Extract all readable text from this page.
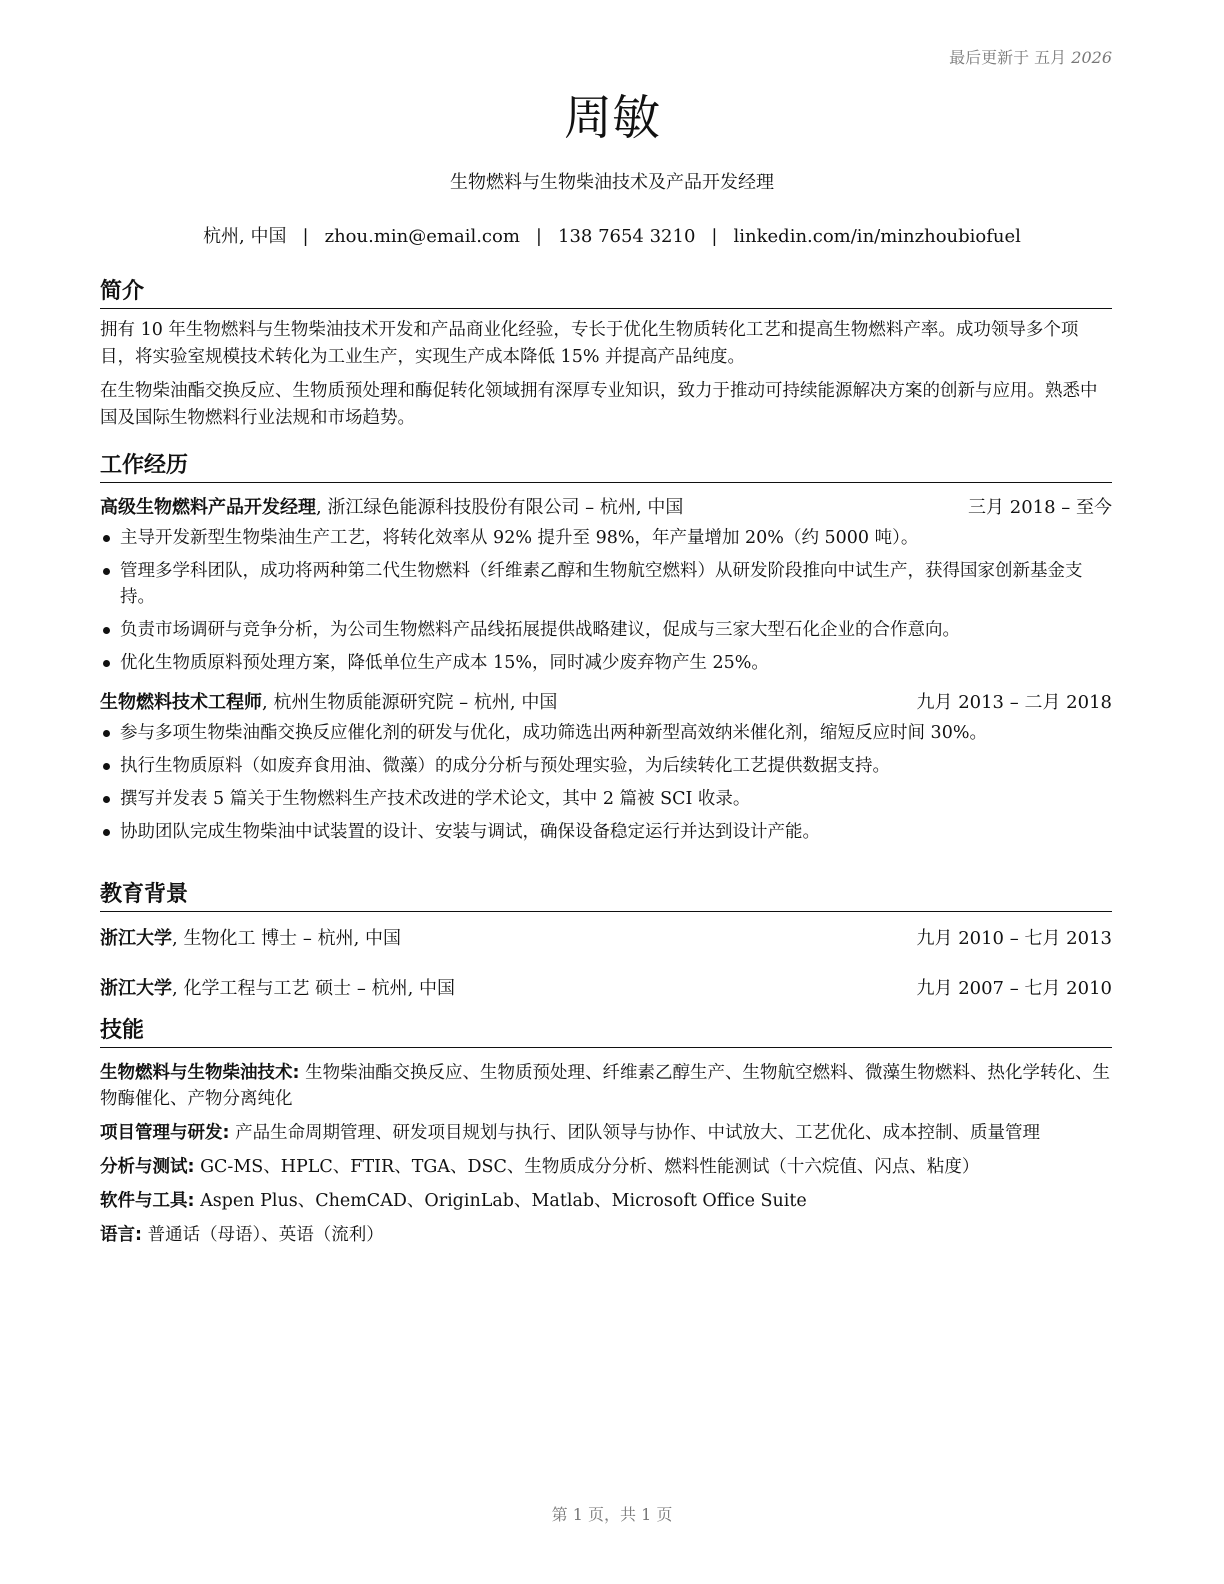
最后更新于 五月 2026
周敏
生物燃料与生物柴油技术及产品开发经理
杭州, 中国 | zhou.min@email.com | 138 7654 3210 | linkedin.com/in/minzhoubiofuel
简介

拥有 10 年生物燃料与生物柴油技术开发和产品商业化经验，专长于优化生物质转化工艺和提高生物燃料产率。成功领导多个项目，将实验室规模技术转化为工业生产，实现生产成本降低 15% 并提高产品纯度。

在生物柴油酯交换反应、生物质预处理和酶促转化领域拥有深厚专业知识，致力于推动可持续能源解决方案的创新与应用。熟悉中国及国际生物燃料行业法规和市场趋势。

工作经历
高级生物燃料产品开发经理, 浙江绿色能源科技股份有限公司 – 杭州, 中国	三月 2018 – 至今
主导开发新型生物柴油生产工艺，将转化效率从 92% 提升至 98%，年产量增加 20%（约 5000 吨）。
管理多学科团队，成功将两种第二代生物燃料（纤维素乙醇和生物航空燃料）从研发阶段推向中试生产，获得国家创新基金支持。
负责市场调研与竞争分析，为公司生物燃料产品线拓展提供战略建议，促成与三家大型石化企业的合作意向。
优化生物质原料预处理方案，降低单位生产成本 15%，同时减少废弃物产生 25%。
生物燃料技术工程师, 杭州生物质能源研究院 – 杭州, 中国	九月 2013 – 二月 2018
参与多项生物柴油酯交换反应催化剂的研发与优化，成功筛选出两种新型高效纳米催化剂，缩短反应时间 30%。
执行生物质原料（如废弃食用油、微藻）的成分分析与预处理实验，为后续转化工艺提供数据支持。
撰写并发表 5 篇关于生物燃料生产技术改进的学术论文，其中 2 篇被 SCI 收录。
协助团队完成生物柴油中试装置的设计、安装与调试，确保设备稳定运行并达到设计产能。
教育背景
浙江大学, 生物化工 博士 – 杭州, 中国	九月 2010 – 七月 2013
浙江大学, 化学工程与工艺 硕士 – 杭州, 中国	九月 2007 – 七月 2010
技能

生物燃料与生物柴油技术: 生物柴油酯交换反应、生物质预处理、纤维素乙醇生产、生物航空燃料、微藻生物燃料、热化学转化、生物酶催化、产物分离纯化

项目管理与研发: 产品生命周期管理、研发项目规划与执行、团队领导与协作、中试放大、工艺优化、成本控制、质量管理

分析与测试: GC-MS、HPLC、FTIR、TGA、DSC、生物质成分分析、燃料性能测试（十六烷值、闪点、粘度）

软件与工具: Aspen Plus、ChemCAD、OriginLab、Matlab、Microsoft Office Suite

语言: 普通话（母语）、英语（流利）

第 1 页，共 1 页
